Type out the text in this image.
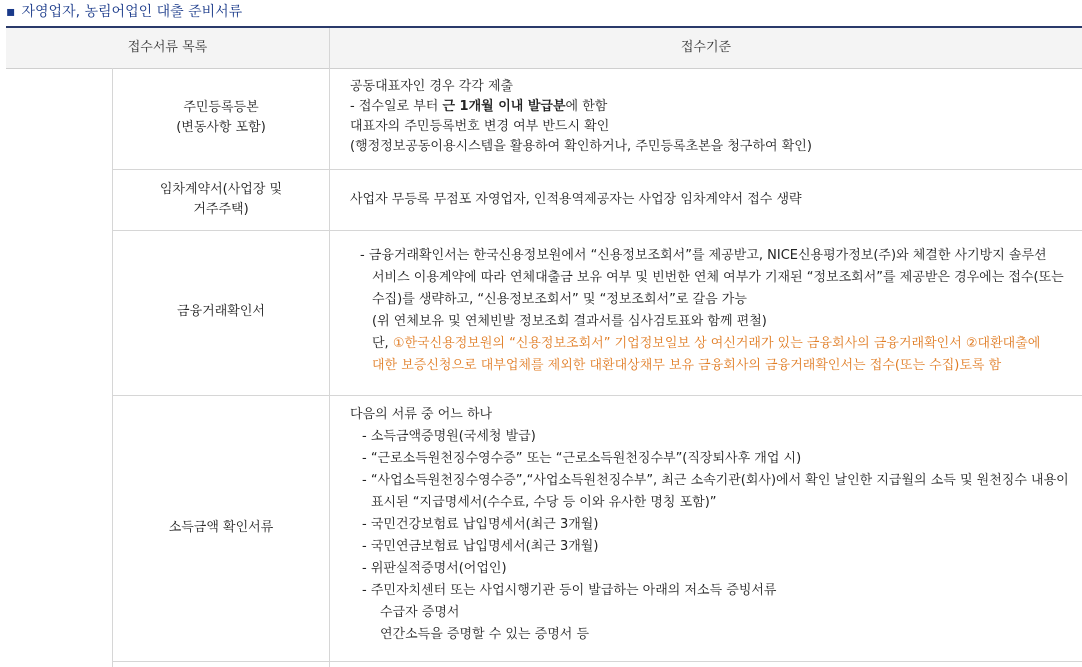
▪ 자영업자, 농림어업인 대출 준비서류
접수서류 목록	접수기준
주민등록등본
(변동사항 포함)

공동대표자인 경우 각각 제출

- 접수일로 부터 근 1개월 이내 발급분에 한함

대표자의 주민등록번호 변경 여부 반드시 확인

(행정정보공동이용시스템을 활용하여 확인하거나, 주민등록초본을 청구하여 확인)

임차계약서(사업장 및
거주주택)

사업자 무등록 무점포 자영업자, 인적용역제공자는 사업장 임차계약서 접수 생략

금융거래확인서

- 금융거래확인서는 한국신용정보원에서 “신용정보조회서”를 제공받고, NICE신용평가정보(주)와 체결한 사기방지 솔루션

서비스 이용계약에 따라 연체대출금 보유 여부 및 빈번한 연체 여부가 기재된 “정보조회서”를 제공받은 경우에는 접수(또는

수집)를 생략하고, “신용정보조회서” 및 “정보조회서”로 갈음 가능

(위 연체보유 및 연체빈발 정보조회 결과서를 심사검토표와 함께 편철)

단, ①한국신용정보원의 “신용정보조회서” 기업정보일보 상 여신거래가 있는 금융회사의 금융거래확인서 ②대환대출에

대한 보증신청으로 대부업체를 제외한 대환대상채무 보유 금융회사의 금융거래확인서는 접수(또는 수집)토록 함

소득금액 확인서류

다음의 서류 중 어느 하나

- 소득금액증명원(국세청 발급)

- “근로소득원천징수영수증” 또는 “근로소득원천징수부”(직장퇴사후 개업 시)

- “사업소득원천징수영수증”,“사업소득원천징수부”, 최근 소속기관(회사)에서 확인 날인한 지급월의 소득 및 원천징수 내용이

표시된 “지급명세서(수수료, 수당 등 이와 유사한 명칭 포함)”

- 국민건강보험료 납입명세서(최근 3개월)

- 국민연금보험료 납입명세서(최근 3개월)

- 위판실적증명서(어업인)

- 주민자치센터 또는 사업시행기관 등이 발급하는 아래의 저소득 증빙서류

수급자 증명서

연간소득을 증명할 수 있는 증명서 등
